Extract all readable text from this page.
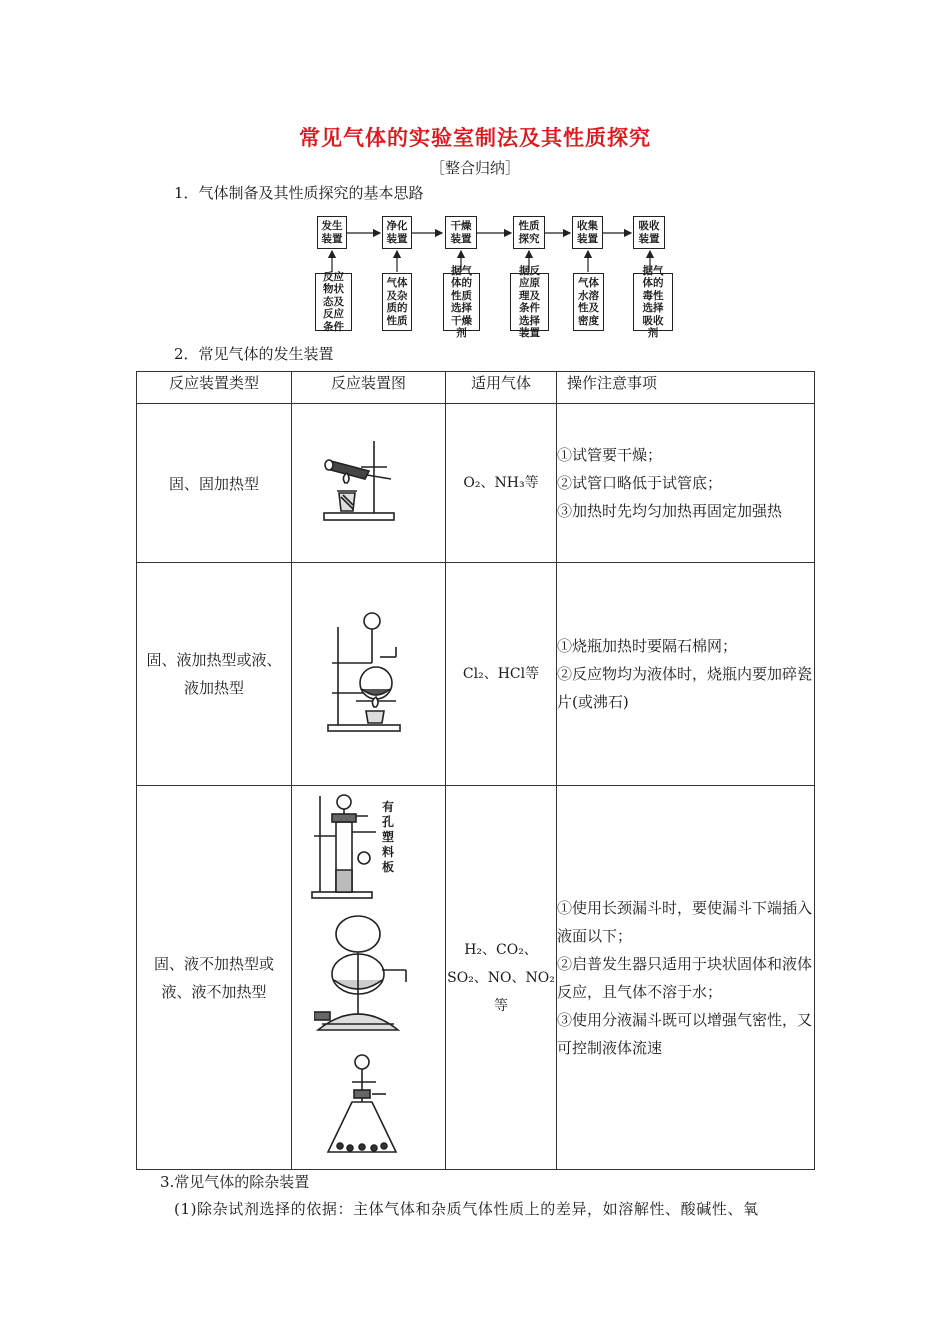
常见气体的实验室制法及其性质探究
［整合归纳］
1．气体制备及其性质探究的基本思路
发生装置
净化装置
干燥装置
性质探究
收集装置
吸收装置
反应物状态及反应条件
气体及杂质的性质
据气体的性质选择干燥剂
据反应原理及条件选择装置
气体水溶性及密度
据气体的毒性选择吸收剂
2．常见气体的发生装置
反应装置类型	反应装置图	适用气体	操作注意事项
固、固加热型		O₂、NH₃等	①试管要干燥；
②试管口略低于试管底；
③加热时先均匀加热再固定加强热

固、液加热型或液、液加热型		Cl₂、HCl等	①烧瓶加热时要隔石棉网；
②反应物均为液体时，烧瓶内要加碎瓷片(或沸石)

固、液不加热型或液、液不加热型	有孔塑料板	H₂、CO₂、SO₂、NO、NO₂等	①使用长颈漏斗时，要使漏斗下端插入液面以下；
②启普发生器只适用于块状固体和液体反应，且气体不溶于水；
③使用分液漏斗既可以增强气密性，又可控制液体流速
3.常见气体的除杂装置
(1)除杂试剂选择的依据：主体气体和杂质气体性质上的差异，如溶解性、酸碱性、氧
